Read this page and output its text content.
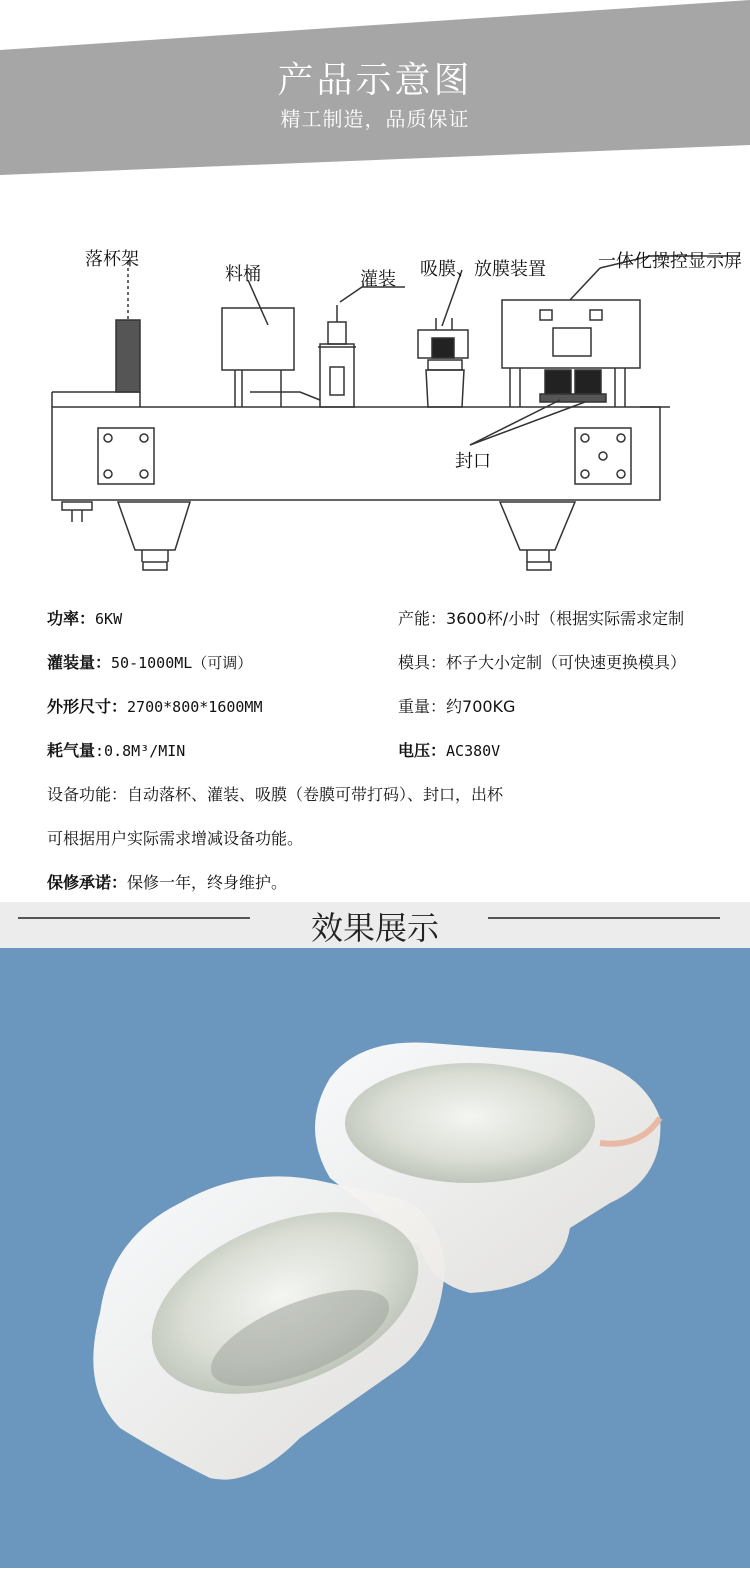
产品示意图
精工制造，品质保证
落杯架
料桶	灌装 吸膜、放膜装置	一体化操控显示屏
封口
功率：6KW	产能：3600杯/小时（根据实际需求定制
灌装量：50-1000ML（可调）	模具：杯子大小定制（可快速更换模具）
外形尺寸：2700*800*1600MM	重量：约700KG
耗气量:0.8M³/MIN	电压：AC380V
设备功能：自动落杯、灌装、吸膜（卷膜可带打码）、封口，出杯
可根据用户实际需求增减设备功能。
保修承诺：保修一年，终身维护。
效果展示
